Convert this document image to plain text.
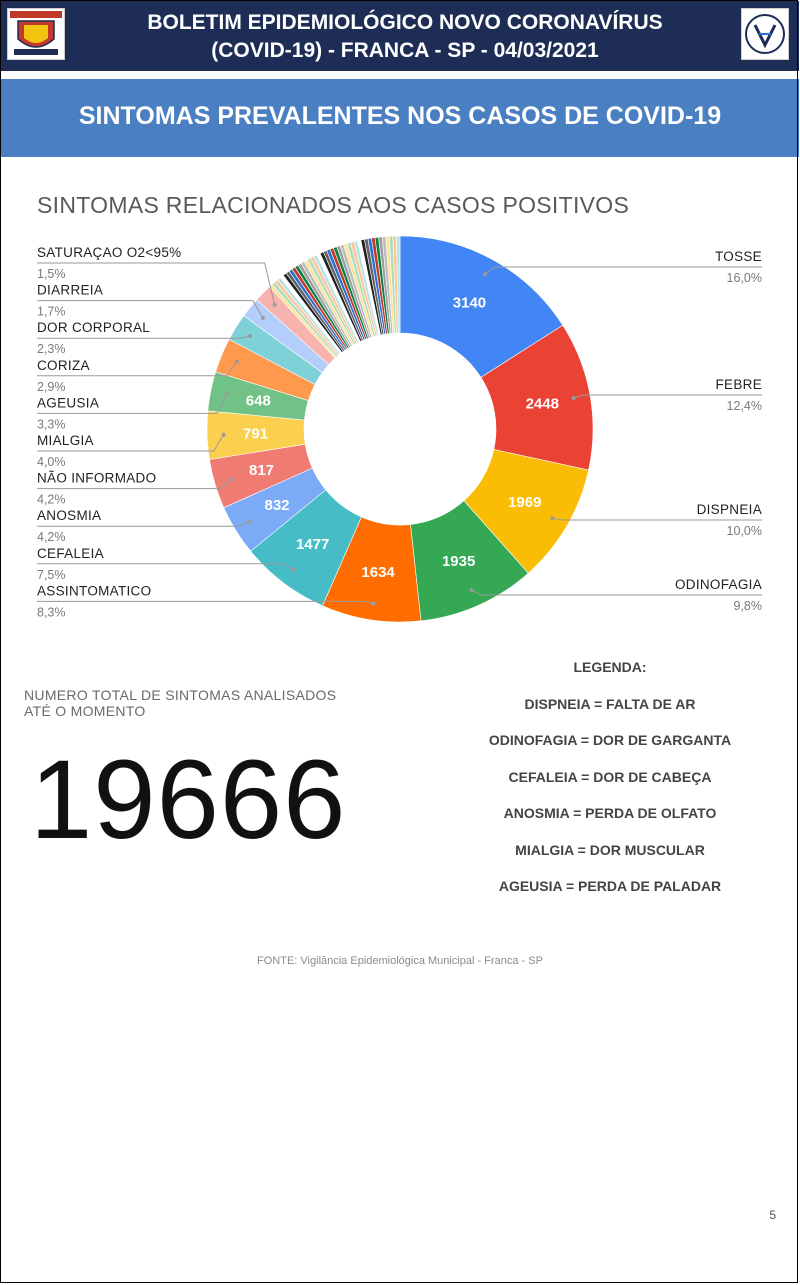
BOLETIM EPIDEMIOLÓGICO NOVO CORONAVÍRUS
(COVID-19) - FRANCA - SP - 04/03/2021
SINTOMAS PREVALENTES NOS CASOS DE COVID-19
SINTOMAS RELACIONADOS AOS CASOS POSITIVOS
3140
2448
1969
1935
1634
1477
832
817
791
648
TOSSE
16,0%
FEBRE
12,4%
DISPNEIA
10,0%
ODINOFAGIA
9,8%
ASSINTOMATICO
8,3%
CEFALEIA
7,5%
ANOSMIA
4,2%
NÃO INFORMADO
4,2%
MIALGIA
4,0%
AGEUSIA
3,3%
CORIZA
2,9%
DOR CORPORAL
2,3%
DIARREIA
1,7%
SATURAÇAO O2<95%
1,5%
NUMERO TOTAL DE SINTOMAS ANALISADOS
ATÉ O MOMENTO
19666
LEGENDA:
DISPNEIA = FALTA DE AR
ODINOFAGIA = DOR DE GARGANTA
CEFALEIA = DOR DE CABEÇA
ANOSMIA = PERDA DE OLFATO
MIALGIA = DOR MUSCULAR
AGEUSIA = PERDA DE PALADAR
FONTE: Vigilância Epidemiológica Municipal - Franca - SP
5
